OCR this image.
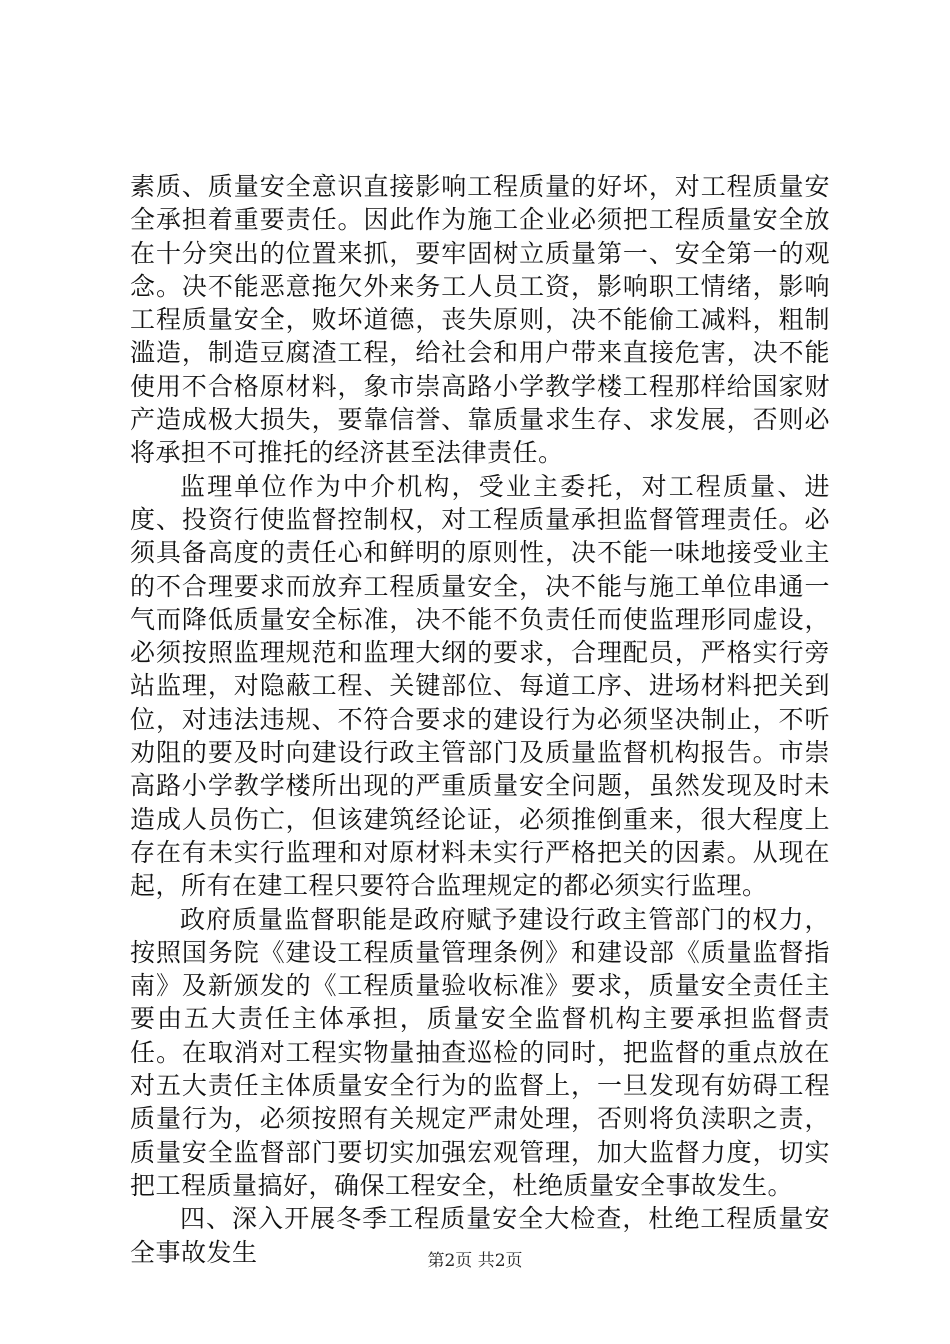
素质、质量安全意识直接影响工程质量的好坏，对工程质量安全承担着重要责任。因此作为施工企业必须把工程质量安全放在十分突出的位置来抓，要牢固树立质量第一、安全第一的观念。决不能恶意拖欠外来务工人员工资，影响职工情绪，影响工程质量安全，败坏道德，丧失原则，决不能偷工减料，粗制滥造，制造豆腐渣工程，给社会和用户带来直接危害，决不能使用不合格原材料，象市崇高路小学教学楼工程那样给国家财产造成极大损失，要靠信誉、靠质量求生存、求发展，否则必将承担不可推托的经济甚至法律责任。

监理单位作为中介机构，受业主委托，对工程质量、进度、投资行使监督控制权，对工程质量承担监督管理责任。必须具备高度的责任心和鲜明的原则性，决不能一味地接受业主的不合理要求而放弃工程质量安全，决不能与施工单位串通一气而降低质量安全标准，决不能不负责任而使监理形同虚设，必须按照监理规范和监理大纲的要求，合理配员，严格实行旁站监理，对隐蔽工程、关键部位、每道工序、进场材料把关到位，对违法违规、不符合要求的建设行为必须坚决制止，不听劝阻的要及时向建设行政主管部门及质量监督机构报告。市崇高路小学教学楼所出现的严重质量安全问题，虽然发现及时未造成人员伤亡，但该建筑经论证，必须推倒重来，很大程度上存在有未实行监理和对原材料未实行严格把关的因素。从现在起，所有在建工程只要符合监理规定的都必须实行监理。

政府质量监督职能是政府赋予建设行政主管部门的权力，按照国务院《建设工程质量管理条例》和建设部《质量监督指南》及新颁发的《工程质量验收标准》要求，质量安全责任主要由五大责任主体承担，质量安全监督机构主要承担监督责任。在取消对工程实物量抽查巡检的同时，把监督的重点放在对五大责任主体质量安全行为的监督上，一旦发现有妨碍工程质量行为，必须按照有关规定严肃处理，否则将负渎职之责，质量安全监督部门要切实加强宏观管理，加大监督力度，切实把工程质量搞好，确保工程安全，杜绝质量安全事故发生。

四、深入开展冬季工程质量安全大检查，杜绝工程质量安全事故发生	第2页 共2页
